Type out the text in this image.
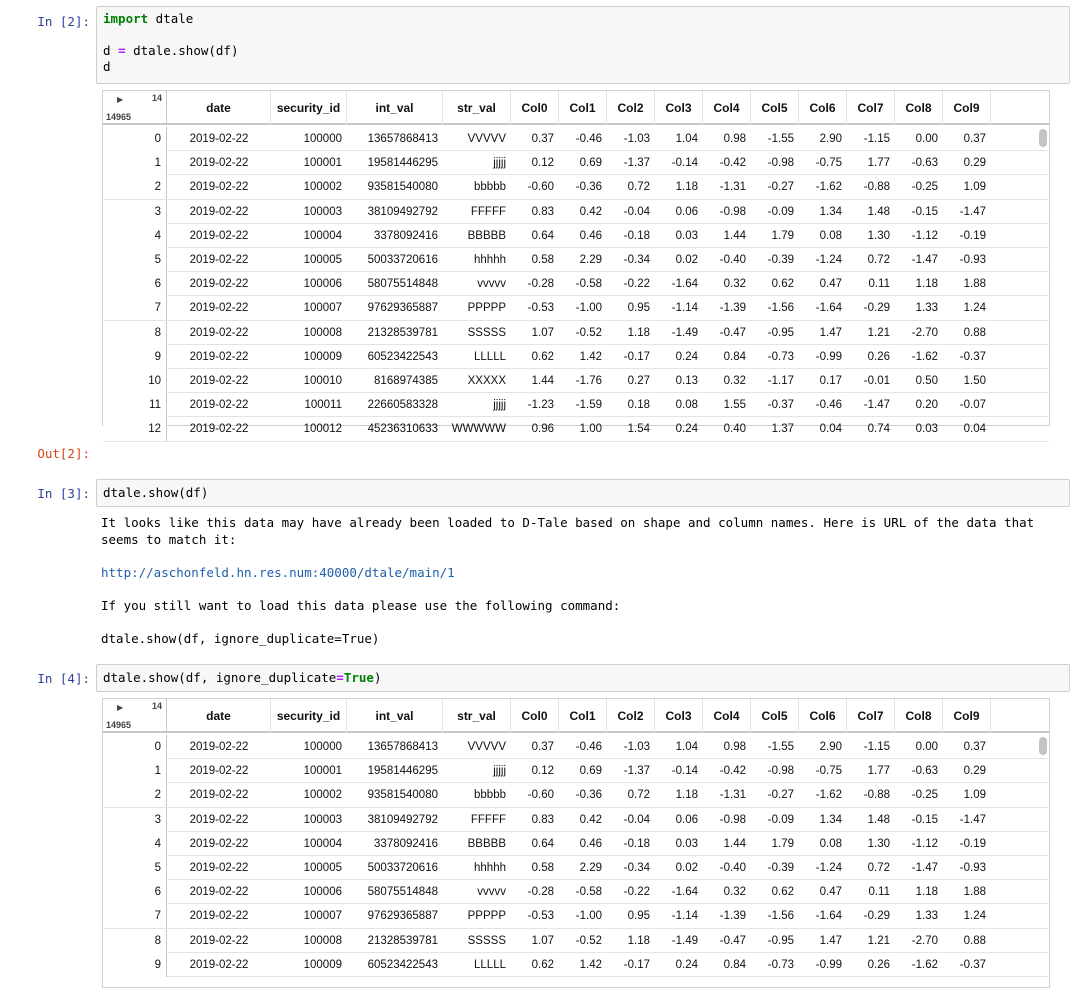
In [2]:	import dtale
d = dtale.show(df)
d
▶	14
14965
date	security_id	int_val	str_val	Col0	Col1	Col2	Col3	Col4	Col5	Col6	Col7	Col8	Col9
0	2019-02-22	100000	13657868413	VVVVV	0.37	-0.46	-1.03	1.04	0.98	-1.55	2.90	-1.15	0.00	0.37
1	2019-02-22	100001	19581446295	jjjjj	0.12	0.69	-1.37	-0.14	-0.42	-0.98	-0.75	1.77	-0.63	0.29
2	2019-02-22	100002	93581540080	bbbbb	-0.60	-0.36	0.72	1.18	-1.31	-0.27	-1.62	-0.88	-0.25	1.09
3	2019-02-22	100003	38109492792	FFFFF	0.83	0.42	-0.04	0.06	-0.98	-0.09	1.34	1.48	-0.15	-1.47
4	2019-02-22	100004	3378092416	BBBBB	0.64	0.46	-0.18	0.03	1.44	1.79	0.08	1.30	-1.12	-0.19
5	2019-02-22	100005	50033720616	hhhhh	0.58	2.29	-0.34	0.02	-0.40	-0.39	-1.24	0.72	-1.47	-0.93
6	2019-02-22	100006	58075514848	vvvvv	-0.28	-0.58	-0.22	-1.64	0.32	0.62	0.47	0.11	1.18	1.88
7	2019-02-22	100007	97629365887	PPPPP	-0.53	-1.00	0.95	-1.14	-1.39	-1.56	-1.64	-0.29	1.33	1.24
8	2019-02-22	100008	21328539781	SSSSS	1.07	-0.52	1.18	-1.49	-0.47	-0.95	1.47	1.21	-2.70	0.88
9	2019-02-22	100009	60523422543	LLLLL	0.62	1.42	-0.17	0.24	0.84	-0.73	-0.99	0.26	-1.62	-0.37
10	2019-02-22	100010	8168974385	XXXXX	1.44	-1.76	0.27	0.13	0.32	-1.17	0.17	-0.01	0.50	1.50
11	2019-02-22	100011	22660583328	jjjjj	-1.23	-1.59	0.18	0.08	1.55	-0.37	-0.46	-1.47	0.20	-0.07
12	2019-02-22	100012	45236310633	WWWWW	0.96	1.00	1.54	0.24	0.40	1.37	0.04	0.74	0.03	0.04
Out[2]:
In [3]:	dtale.show(df)
It looks like this data may have already been loaded to D-Tale based on shape and column names. Here is URL of the data that seems to match it:
http://aschonfeld.hn.res.num:40000/dtale/main/1
If you still want to load this data please use the following command:
dtale.show(df, ignore_duplicate=True)
In [4]:	dtale.show(df, ignore_duplicate=True)
▶	14
14965
date	security_id	int_val	str_val	Col0	Col1	Col2	Col3	Col4	Col5	Col6	Col7	Col8	Col9
0	2019-02-22	100000	13657868413	VVVVV	0.37	-0.46	-1.03	1.04	0.98	-1.55	2.90	-1.15	0.00	0.37
1	2019-02-22	100001	19581446295	jjjjj	0.12	0.69	-1.37	-0.14	-0.42	-0.98	-0.75	1.77	-0.63	0.29
2	2019-02-22	100002	93581540080	bbbbb	-0.60	-0.36	0.72	1.18	-1.31	-0.27	-1.62	-0.88	-0.25	1.09
3	2019-02-22	100003	38109492792	FFFFF	0.83	0.42	-0.04	0.06	-0.98	-0.09	1.34	1.48	-0.15	-1.47
4	2019-02-22	100004	3378092416	BBBBB	0.64	0.46	-0.18	0.03	1.44	1.79	0.08	1.30	-1.12	-0.19
5	2019-02-22	100005	50033720616	hhhhh	0.58	2.29	-0.34	0.02	-0.40	-0.39	-1.24	0.72	-1.47	-0.93
6	2019-02-22	100006	58075514848	vvvvv	-0.28	-0.58	-0.22	-1.64	0.32	0.62	0.47	0.11	1.18	1.88
7	2019-02-22	100007	97629365887	PPPPP	-0.53	-1.00	0.95	-1.14	-1.39	-1.56	-1.64	-0.29	1.33	1.24
8	2019-02-22	100008	21328539781	SSSSS	1.07	-0.52	1.18	-1.49	-0.47	-0.95	1.47	1.21	-2.70	0.88
9	2019-02-22	100009	60523422543	LLLLL	0.62	1.42	-0.17	0.24	0.84	-0.73	-0.99	0.26	-1.62	-0.37
